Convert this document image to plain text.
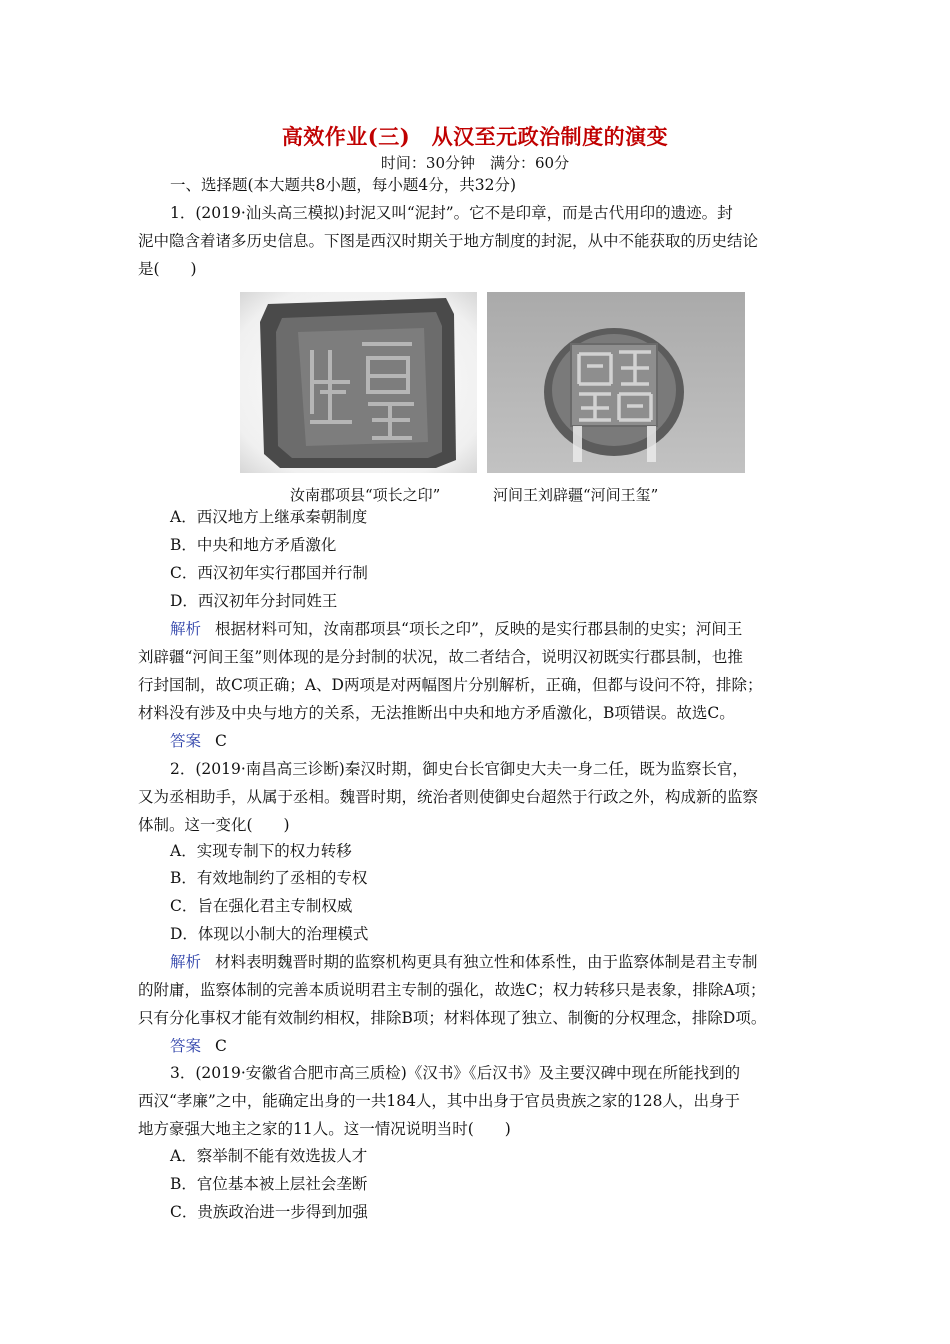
高效作业(三)　从汉至元政治制度的演变
时间：30分钟　满分：60分
一、选择题(本大题共8小题，每小题4分，共32分)
1．(2019·汕头高三模拟)封泥又叫“泥封”。它不是印章，而是古代用印的遗迹。封
泥中隐含着诸多历史信息。下图是西汉时期关于地方制度的封泥，从中不能获取的历史结论
是(　　)
汝南郡项县“项长之印”	河间王刘辟疆“河间王玺”
A．西汉地方上继承秦朝制度
B．中央和地方矛盾激化
C．西汉初年实行郡国并行制
D．西汉初年分封同姓王
解析 根据材料可知，汝南郡项县“项长之印”，反映的是实行郡县制的史实；河间王
刘辟疆“河间王玺”则体现的是分封制的状况，故二者结合，说明汉初既实行郡县制，也推
行封国制，故C项正确；A、D两项是对两幅图片分别解析，正确，但都与设问不符，排除；
材料没有涉及中央与地方的关系，无法推断出中央和地方矛盾激化，B项错误。故选C。
答案 C
2．(2019·南昌高三诊断)秦汉时期，御史台长官御史大夫一身二任，既为监察长官，
又为丞相助手，从属于丞相。魏晋时期，统治者则使御史台超然于行政之外，构成新的监察
体制。这一变化(　　)
A．实现专制下的权力转移
B．有效地制约了丞相的专权
C．旨在强化君主专制权威
D．体现以小制大的治理模式
解析 材料表明魏晋时期的监察机构更具有独立性和体系性，由于监察体制是君主专制
的附庸，监察体制的完善本质说明君主专制的强化，故选C；权力转移只是表象，排除A项；
只有分化事权才能有效制约相权，排除B项；材料体现了独立、制衡的分权理念，排除D项。
答案 C
3．(2019·安徽省合肥市高三质检)《汉书》《后汉书》及主要汉碑中现在所能找到的
西汉“孝廉”之中，能确定出身的一共184人，其中出身于官员贵族之家的128人，出身于
地方豪强大地主之家的11人。这一情况说明当时(　　)
A．察举制不能有效选拔人才
B．官位基本被上层社会垄断
C．贵族政治进一步得到加强
